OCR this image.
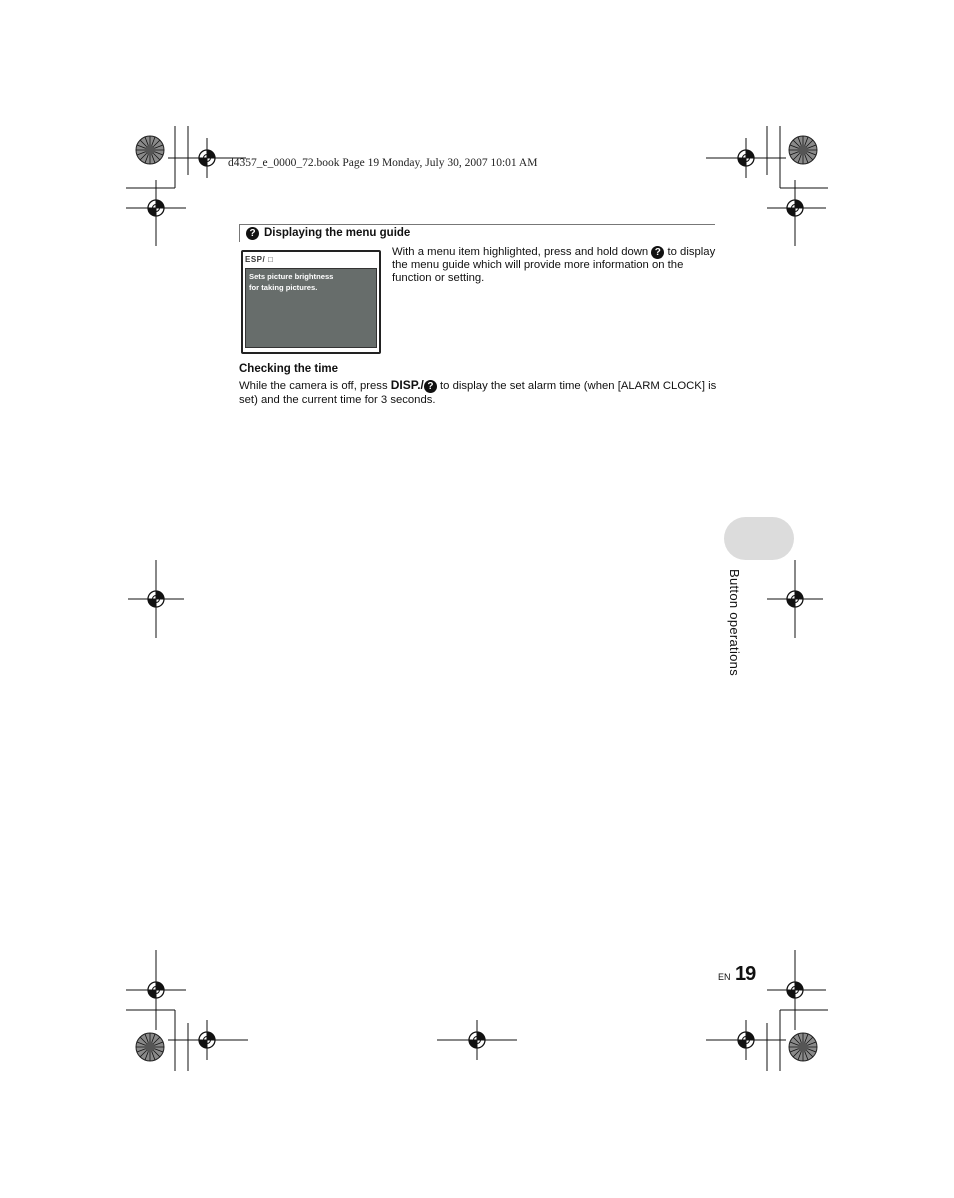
d4357_e_0000_72.book Page 19 Monday, July 30, 2007 10:01 AM
? Displaying the menu guide
ESP/ □
Sets picture brightness
for taking pictures.
With a menu item highlighted, press and hold down ? to display the menu guide which will provide more information on the function or setting.
Checking the time
While the camera is off, press DISP./ ? to display the set alarm time (when [ALARM CLOCK] is set) and the current time for 3 seconds.
Button operations
EN 19
